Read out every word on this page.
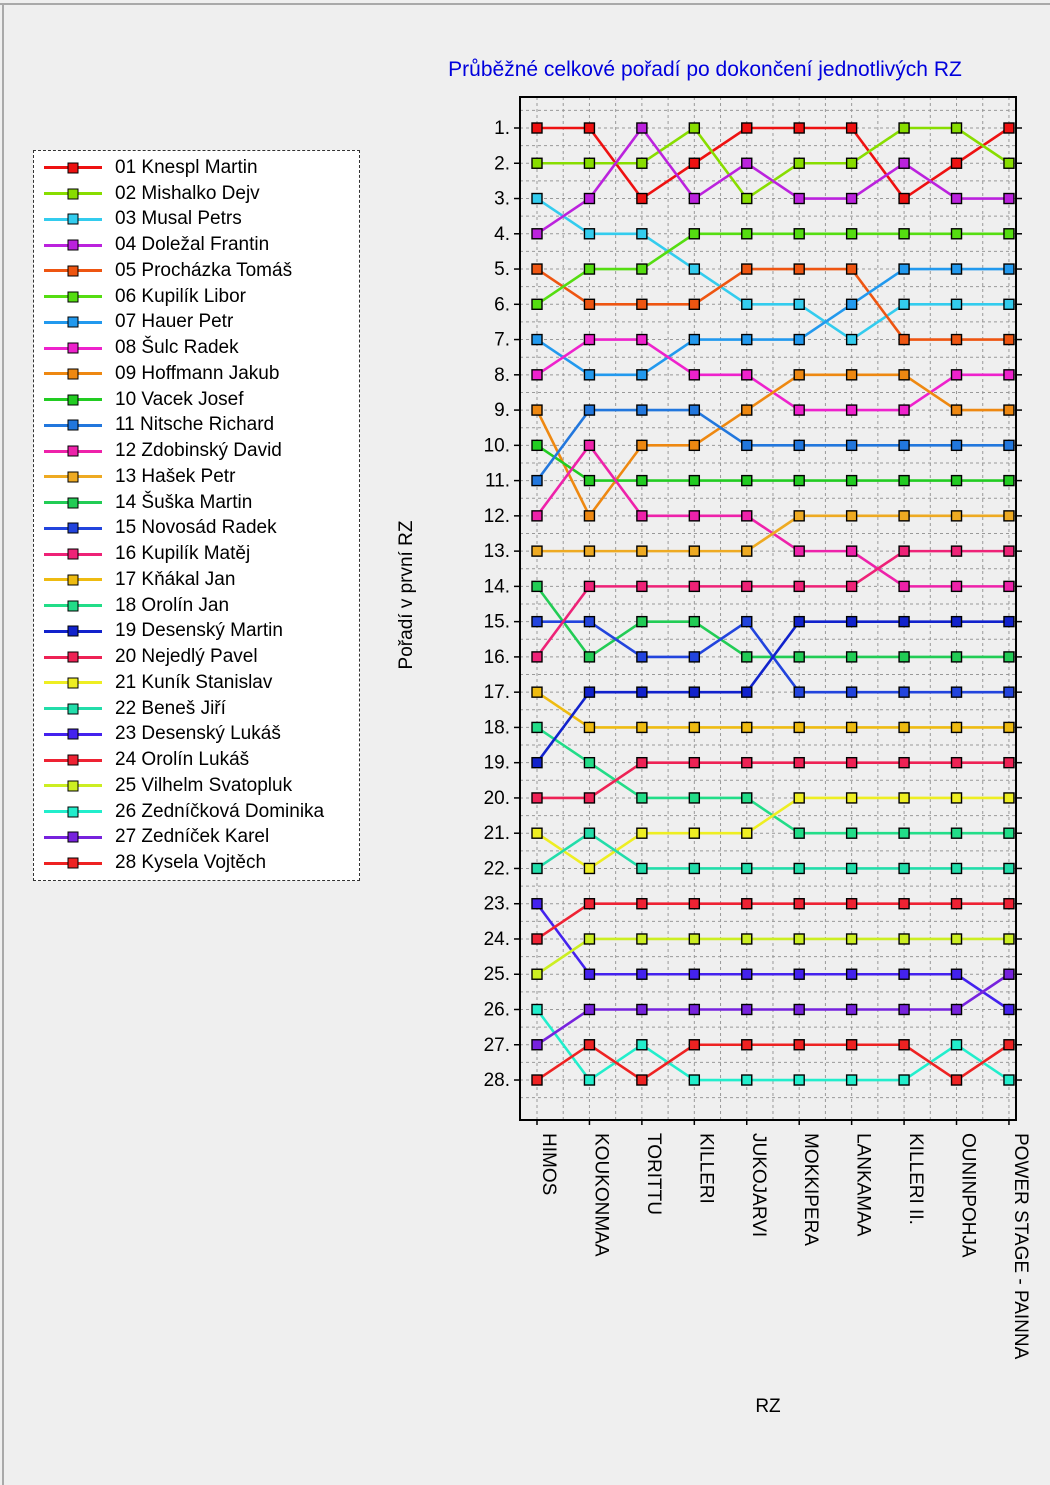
Průběžné celkové pořadí po dokončení jednotlivých RZ
01 Knespl Martin
02 Mishalko Dejv
03 Musal Petrs
04 Doležal Frantin
05 Procházka Tomáš
06 Kupilík Libor
07 Hauer Petr
08 Šulc Radek
09 Hoffmann Jakub
10 Vacek Josef
11 Nitsche Richard
12 Zdobinský David
13 Hašek Petr
14 Šuška Martin
15 Novosád Radek
16 Kupilík Matěj
17 Kňákal Jan
18 Orolín Jan
19 Desenský Martin
20 Nejedlý Pavel
21 Kuník Stanislav
22 Beneš Jiří
23 Desenský Lukáš
24 Orolín Lukáš
25 Vilhelm Svatopluk
26 Zedníčková Dominika
27 Zedníček Karel
28 Kysela Vojtěch
Pořadí v první RZ
RZ
1.
2.
3.
4.
5.
6.
7.
8.
9.
10.
11.
12.
13.
14.
15.
16.
17.
18.
19.
20.
21.
22.
23.
24.
25.
26.
27.
28.
HIMOS KOUKONMAA TORITTU KILLERI JUKOJARVI MOKKIPERA LANKAMAA KILLERI II. OUNINPOHJA POWER STAGE - PAINNA
